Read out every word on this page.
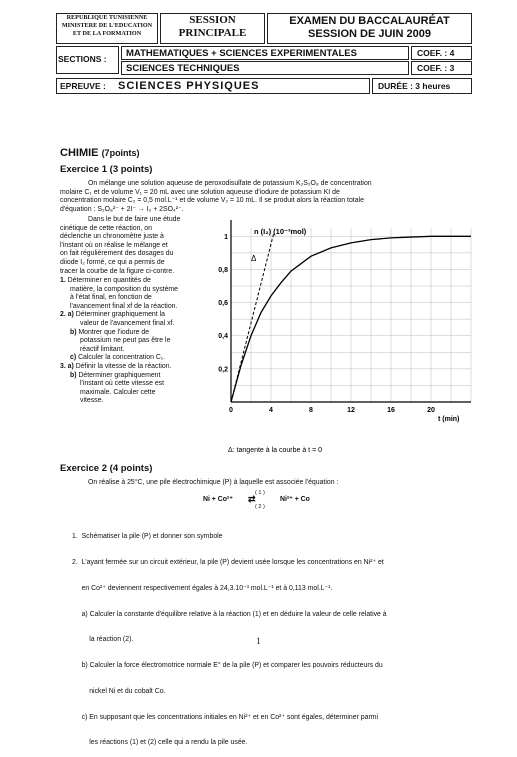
REPUBLIQUE TUNISIENNE
MINISTERE DE L'EDUCATION
ET DE LA FORMATION
SESSION
PRINCIPALE
EXAMEN DU BACCALAURÉAT
SESSION DE JUIN 2009
SECTIONS : MATHEMATIQUES + SCIENCES EXPERIMENTALES	COEF. : 4
SCIENCES TECHNIQUES	COEF. : 3
EPREUVE : SCIENCES PHYSIQUES	DURÉE : 3 heures
CHIMIE (7points)
Exercice 1 (3 points)

On mélange une solution aqueuse de peroxodisulfate de potassium K₂S₂O₈ de concentration

molaire C₁ et de volume V₁ = 20 mL avec une solution aqueuse d'iodure de potassium KI de

concentration molaire C₂ = 0,5 mol.L⁻¹ et de volume V₂ = 10 mL. Il se produit alors la réaction totale

d'équation : S₂O₈²⁻ + 2I⁻ → I₂ + 2SO₄²⁻.

Dans le but de faire une étude

cinétique de cette réaction, on

déclenche un chronomètre juste à

l'instant où on réalise le mélange et

on fait régulièrement des dosages du

diiode I₂ formé, ce qui a permis de

tracer la courbe de la figure ci-contre.

1. Déterminer en quantités de

matière, la composition du système

à l'état final, en fonction de

l'avancement final xf de la réaction.

2. a) Déterminer graphiquement la

valeur de l'avancement final xf.

b) Montrer que l'iodure de

potassium ne peut pas être le

réactif limitant.

c) Calculer la concentration C₁.

3. a) Définir la vitesse de la réaction.

b) Déterminer graphiquement

l'instant où cette vitesse est

maximale. Calculer cette

vitesse.

0	4	8	12	16	20
0,2
0,4
0,6
0,8
1
n (I₂) (10⁻³mol)
t (min)
Δ
Δ: tangente à la courbe à t = 0
Exercice 2 (4 points)
On réalise à 25°C, une pile électrochimique (P) à laquelle est associée l'équation :
Ni + Co²⁺
( 1 )
⇄
( 2 )
Ni²⁺ + Co

1.  Schématiser la pile (P) et donner son symbole

2.  L'ayant fermée sur un circuit extérieur, la pile (P) devient usée lorsque les concentrations en Ni²⁺ et

en Co²⁺ deviennent respectivement égales à 24,3.10⁻³ mol.L⁻¹ et à 0,113 mol.L⁻¹.

a) Calculer la constante d'équilibre relative à la réaction (1) et en déduire la valeur de celle relative à

la réaction (2).

b) Calculer la force électromotrice normale E° de la pile (P) et comparer les pouvoirs réducteurs du

nickel Ni et du cobalt Co.

c) En supposant que les concentrations initiales en Ni²⁺ et en Co²⁺ sont égales, déterminer parmi

les réactions (1) et (2) celle qui a rendu la pile usée.

1
